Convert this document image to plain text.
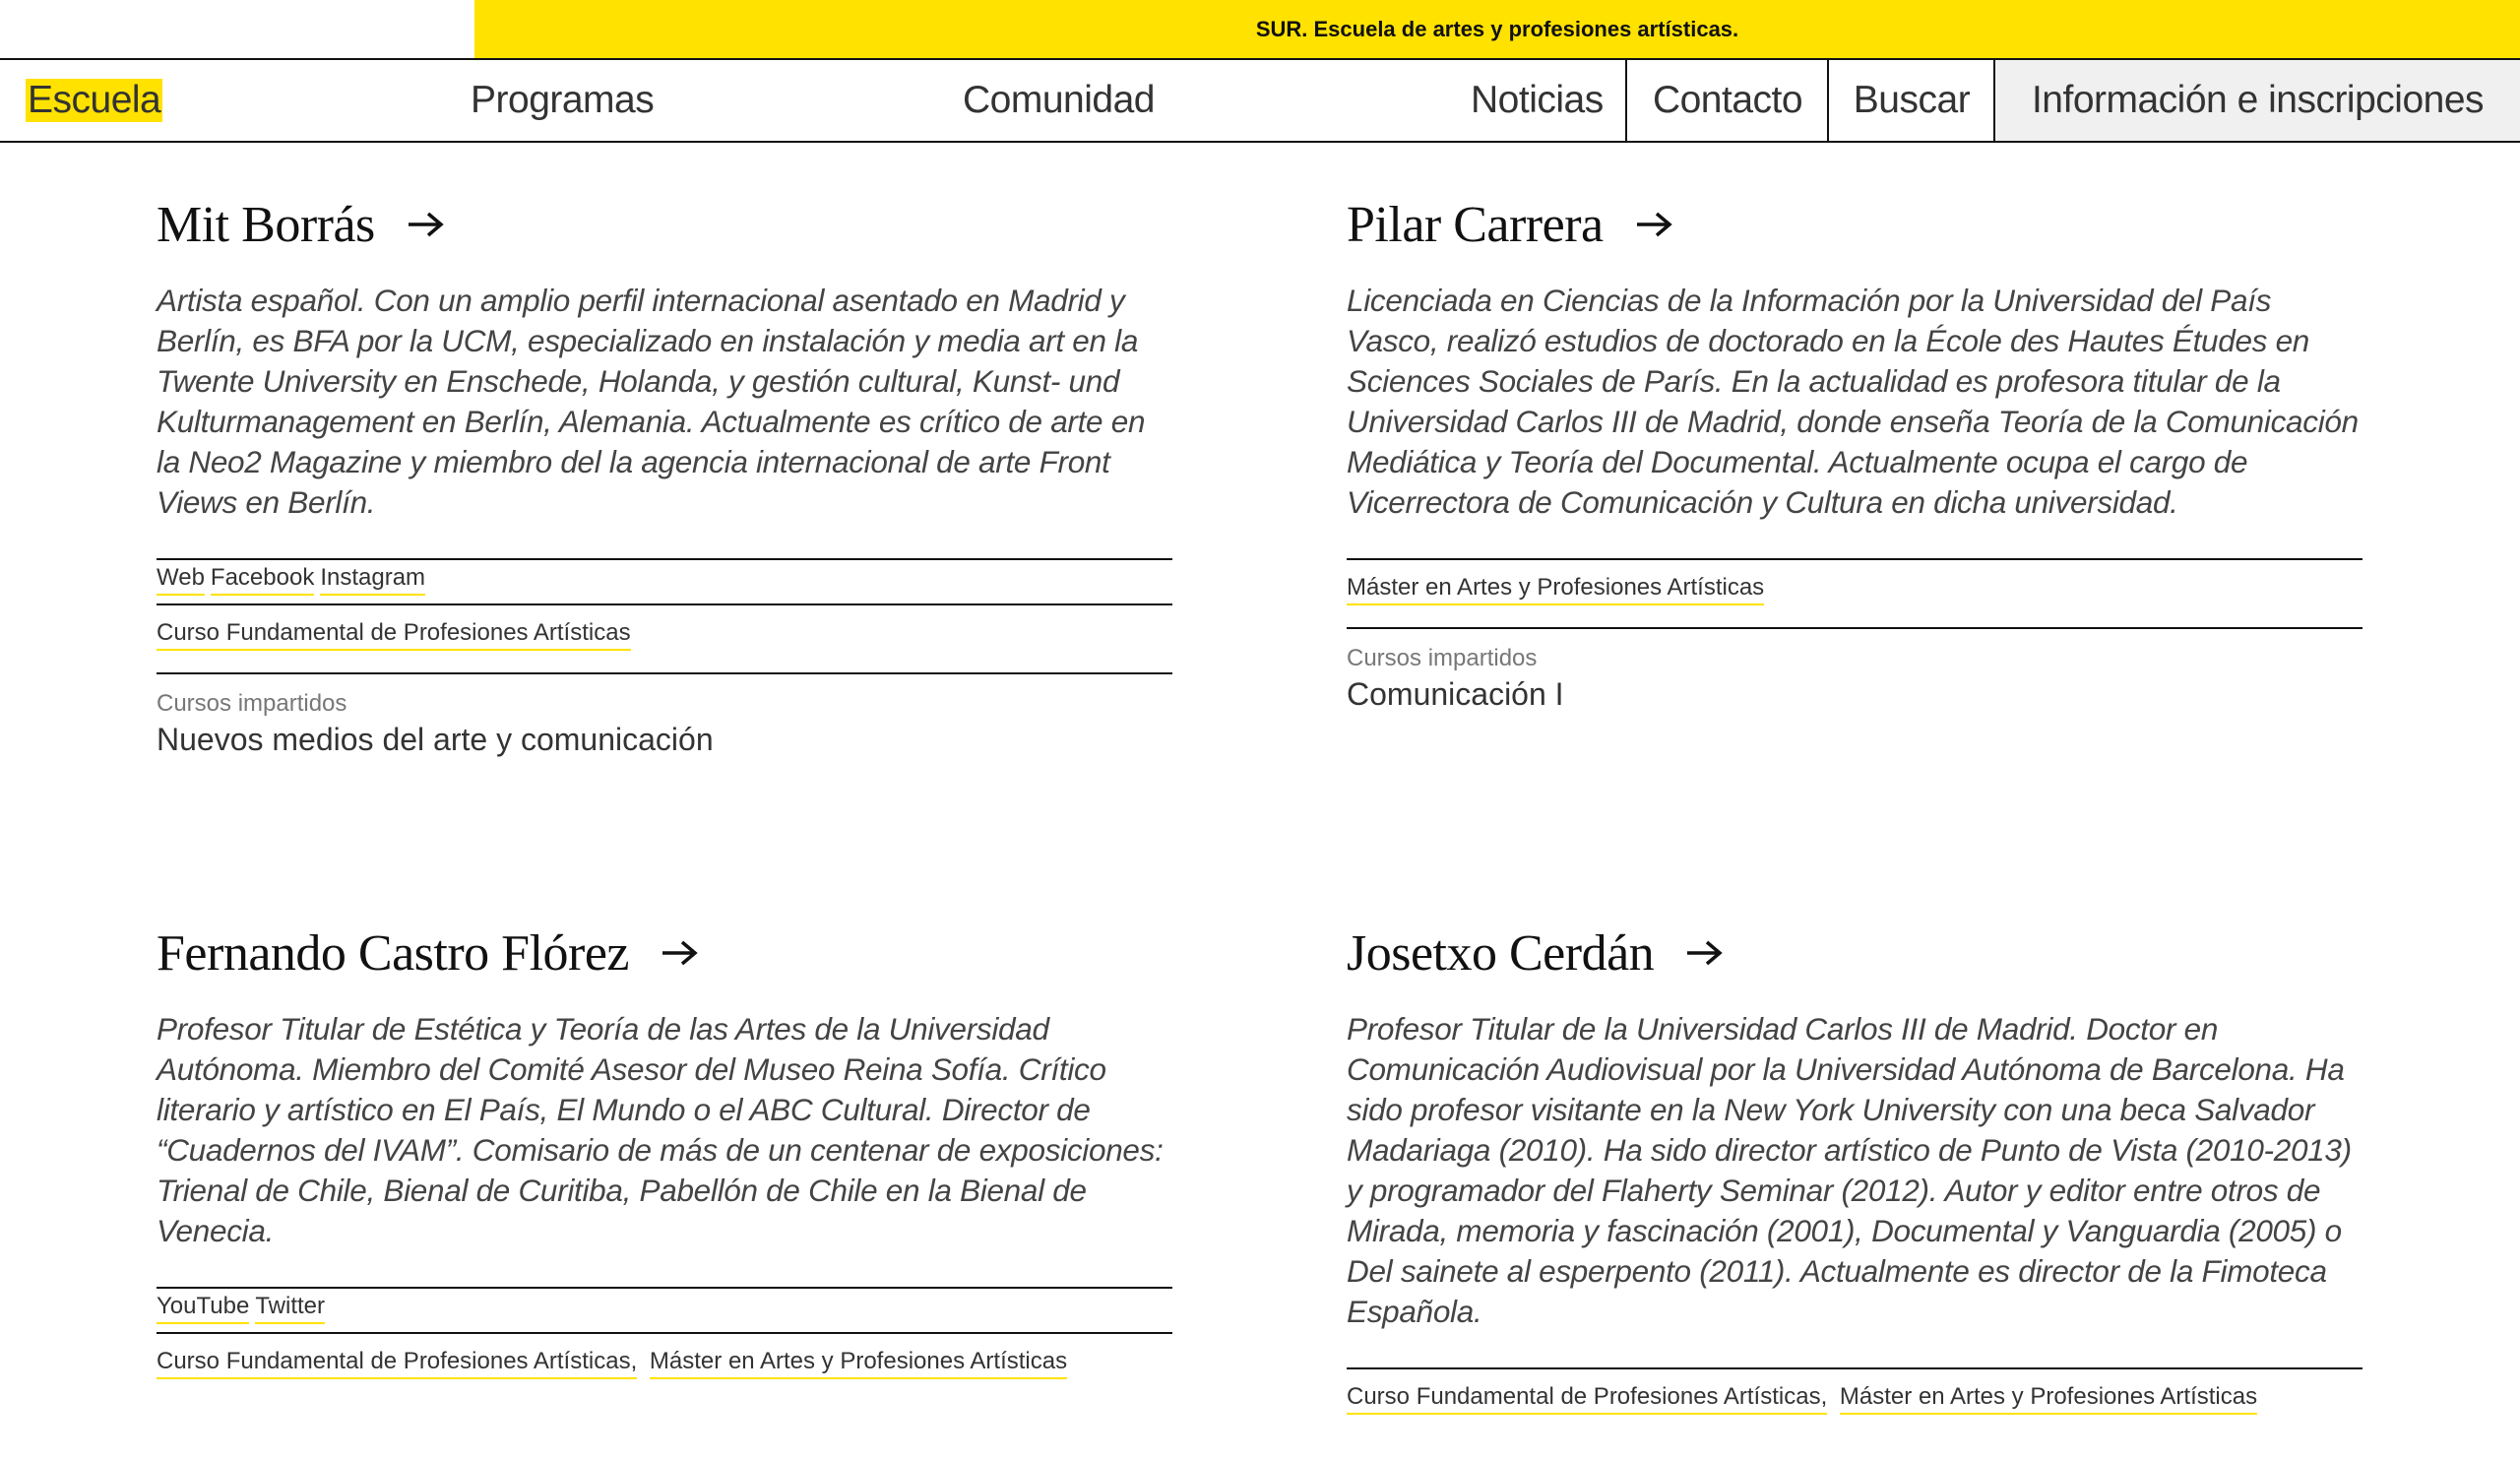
SUR. Escuela de artes y profesiones artísticas.
Escuela	Programas	Comunidad	Noticias Contacto Buscar Información e inscripciones
Mit Borrás
Artista español. Con un amplio perfil internacional asentado en Madrid y Berlín, es BFA por la UCM, especializado en instalación y media art en la Twente University en Enschede, Holanda, y gestión cultural, Kunst- und Kulturmanagement en Berlín, Alemania. Actualmente es crítico de arte en la Neo2 Magazine y miembro del la agencia internacional de arte Front Views en Berlín.
Web Facebook Instagram
Curso Fundamental de Profesiones Artísticas
Cursos impartidos
Nuevos medios del arte y comunicación
Pilar Carrera
Licenciada en Ciencias de la Información por la Universidad del País Vasco, realizó estudios de doctorado en la École des Hautes Études en Sciences Sociales de París. En la actualidad es profesora titular de la Universidad Carlos III de Madrid, donde enseña Teoría de la Comunicación Mediática y Teoría del Documental. Actualmente ocupa el cargo de Vicerrectora de Comunicación y Cultura en dicha universidad.
Máster en Artes y Profesiones Artísticas
Cursos impartidos
Comunicación I
Fernando Castro Flórez
Profesor Titular de Estética y Teoría de las Artes de la Universidad Autónoma. Miembro del Comité Asesor del Museo Reina Sofía. Crítico literario y artístico en El País, El Mundo o el ABC Cultural. Director de “Cuadernos del IVAM”. Comisario de más de un centenar de exposiciones: Trienal de Chile, Bienal de Curitiba, Pabellón de Chile en la Bienal de Venecia.
YouTube Twitter
Curso Fundamental de Profesiones Artísticas, Máster en Artes y Profesiones Artísticas
Josetxo Cerdán
Profesor Titular de la Universidad Carlos III de Madrid. Doctor en Comunicación Audiovisual por la Universidad Autónoma de Barcelona. Ha sido profesor visitante en la New York University con una beca Salvador Madariaga (2010). Ha sido director artístico de Punto de Vista (2010-2013) y programador del Flaherty Seminar (2012). Autor y editor entre otros de Mirada, memoria y fascinación (2001), Documental y Vanguardia (2005) o Del sainete al esperpento (2011). Actualmente es director de la Fimoteca Española.
Curso Fundamental de Profesiones Artísticas, Máster en Artes y Profesiones Artísticas
